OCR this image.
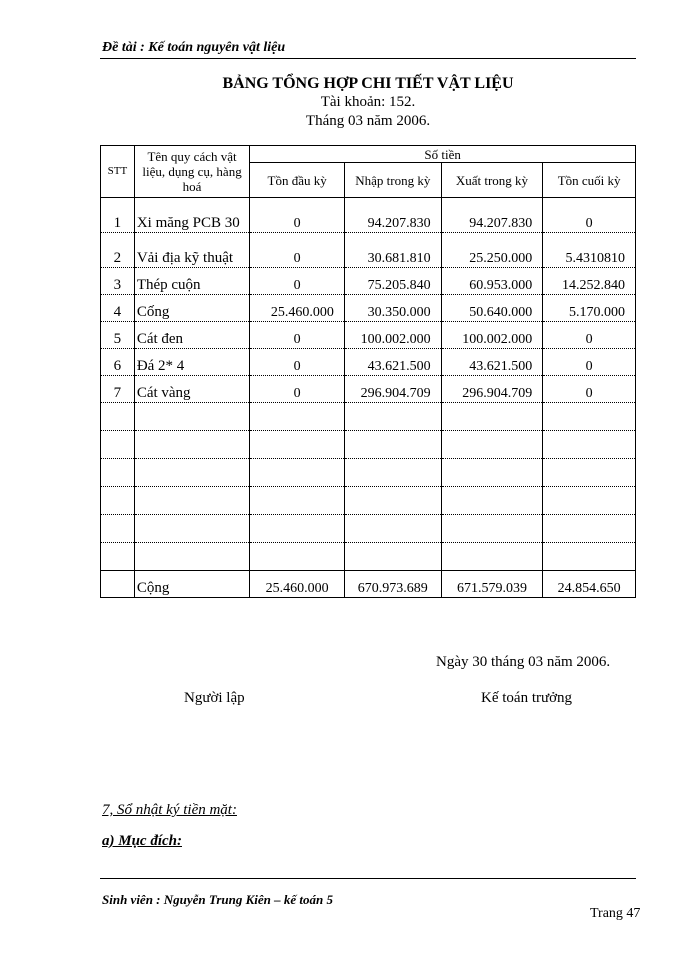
Đề tài : Kế toán nguyên vật liệu
BẢNG TỔNG HỢP CHI TIẾT VẬT LIỆU
Tài khoản: 152.
Tháng 03 năm 2006.
STT	Tên quy cách vật liệu, dụng cụ, hàng hoá	Số tiền			
		Tồn đầu kỳ	Nhập trong kỳ	Xuất trong kỳ	Tồn cuối kỳ
1	Xi măng PCB 30	0	94.207.830	94.207.830	0
2	Vải địa kỹ thuật	0	30.681.810	25.250.000	5.4310810
3	Thép cuộn	0	75.205.840	60.953.000	14.252.840
4	Cống	25.460.000	30.350.000	50.640.000	5.170.000
5	Cát đen	0	100.002.000	100.002.000	0
6	Đá 2* 4	0	43.621.500	43.621.500	0
7	Cát vàng	0	296.904.709	296.904.709	0

	Cộng	25.460.000	670.973.689	671.579.039	24.854.650
Ngày 30 tháng 03 năm 2006.
Người lập	Kế toán trưởng
7, Sổ nhật ký tiền mặt:
a) Mục đích:
Sinh viên : Nguyễn Trung Kiên – kế toán 5
Trang 47
